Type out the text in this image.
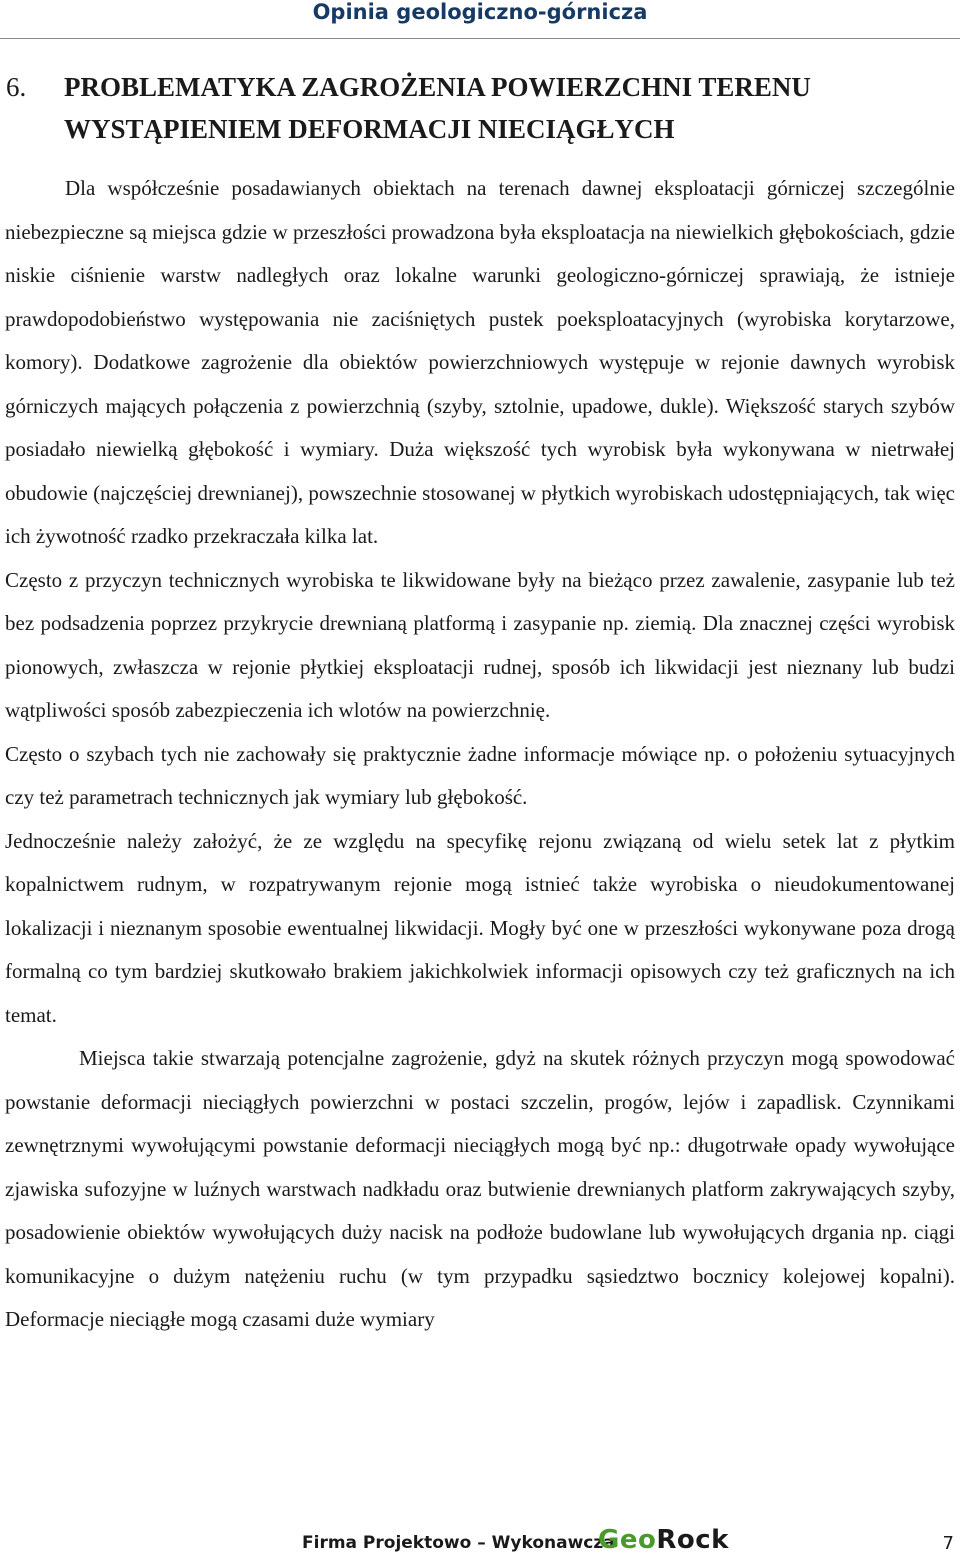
Opinia geologiczno-górnicza
6. PROBLEMATYKA ZAGROŻENIA POWIERZCHNI TERENU
WYSTĄPIENIEM DEFORMACJI NIECIĄGŁYCH

Dla współcześnie posadawianych obiektach na terenach dawnej eksploatacji górniczej szczególnie niebezpieczne są miejsca gdzie w przeszłości prowadzona była eksploatacja na niewielkich głębokościach, gdzie niskie ciśnienie warstw nadległych oraz lokalne warunki geologiczno-górniczej sprawiają, że istnieje prawdopodobieństwo występowania nie zaciśniętych pustek poeksploatacyjnych (wyrobiska korytarzowe, komory). Dodatkowe zagrożenie dla obiektów powierzchniowych występuje w rejonie dawnych wyrobisk górniczych mających połączenia z powierzchnią (szyby, sztolnie, upadowe, dukle). Większość starych szybów posiadało niewielką głębokość i wymiary. Duża większość tych wyrobisk była wykonywana w nietrwałej obudowie (najczęściej drewnianej), powszechnie stosowanej w płytkich wyrobiskach udostępniających, tak więc ich żywotność rzadko przekraczała kilka lat.

Często z przyczyn technicznych wyrobiska te likwidowane były na bieżąco przez zawalenie, zasypanie lub też bez podsadzenia poprzez przykrycie drewnianą platformą i zasypanie np. ziemią. Dla znacznej części wyrobisk pionowych, zwłaszcza w rejonie płytkiej eksploatacji rudnej, sposób ich likwidacji jest nieznany lub budzi wątpliwości sposób zabezpieczenia ich wlotów na powierzchnię.

Często o szybach tych nie zachowały się praktycznie żadne informacje mówiące np. o położeniu sytuacyjnych czy też parametrach technicznych jak wymiary lub głębokość.

Jednocześnie należy założyć, że ze względu na specyfikę rejonu związaną od wielu setek lat z płytkim kopalnictwem rudnym, w rozpatrywanym rejonie mogą istnieć także wyrobiska o nieudokumentowanej lokalizacji i nieznanym sposobie ewentualnej likwidacji. Mogły być one w przeszłości wykonywane poza drogą formalną co tym bardziej skutkowało brakiem jakichkolwiek informacji opisowych czy też graficznych na ich temat.

Miejsca takie stwarzają potencjalne zagrożenie, gdyż na skutek różnych przyczyn mogą spowodować powstanie deformacji nieciągłych powierzchni w postaci szczelin, progów, lejów i zapadlisk. Czynnikami zewnętrznymi wywołującymi powstanie deformacji nieciągłych mogą być np.: długotrwałe opady wywołujące zjawiska sufozyjne w luźnych warstwach nadkładu oraz butwienie drewnianych platform zakrywających szyby, posadowienie obiektów wywołujących duży nacisk na podłoże budowlane lub wywołujących drgania np. ciągi komunikacyjne o dużym natężeniu ruchu (w tym przypadku sąsiedztwo bocznicy kolejowej kopalni). Deformacje nieciągłe mogą czasami duże wymiary

Firma Projektowo – Wykonawcza
GeoRock	7
